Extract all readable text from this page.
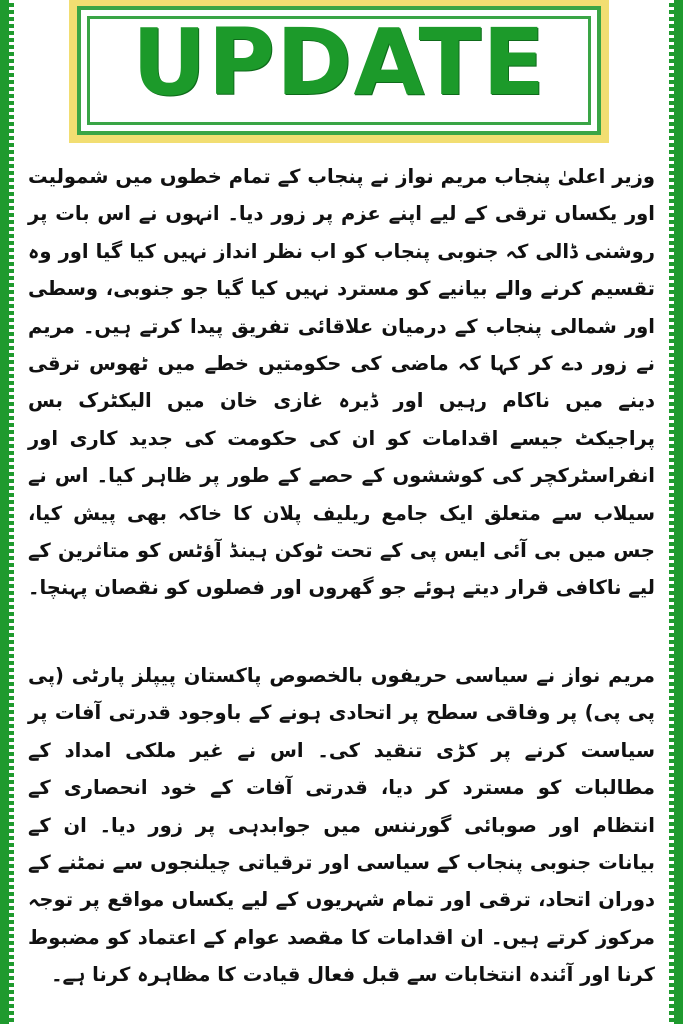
UPDATE

وزیر اعلیٰ پنجاب مریم نواز نے پنجاب کے تمام خطوں میں شمولیت اور یکساں ترقی کے لیے اپنے عزم پر زور دیا۔ انہوں نے اس بات پر روشنی ڈالی کہ جنوبی پنجاب کو اب نظر انداز نہیں کیا گیا اور وہ تقسیم کرنے والے بیانیے کو مسترد نہیں کیا گیا جو جنوبی، وسطی اور شمالی پنجاب کے درمیان علاقائی تفریق پیدا کرتے ہیں۔ مریم نے زور دے کر کہا کہ ماضی کی حکومتیں خطے میں ٹھوس ترقی دینے میں ناکام رہیں اور ڈیرہ غازی خان میں الیکٹرک بس پراجیکٹ جیسے اقدامات کو ان کی حکومت کی جدید کاری اور انفراسٹرکچر کی کوششوں کے حصے کے طور پر ظاہر کیا۔ اس نے سیلاب سے متعلق ایک جامع ریلیف پلان کا خاکہ بھی پیش کیا، جس میں بی آئی ایس پی کے تحت ٹوکن ہینڈ آؤٹس کو متاثرین کے لیے ناکافی قرار دیتے ہوئے جو گھروں اور فصلوں کو نقصان پہنچا۔

مریم نواز نے سیاسی حریفوں بالخصوص پاکستان پیپلز پارٹی (پی پی پی) پر وفاقی سطح پر اتحادی ہونے کے باوجود قدرتی آفات پر سیاست کرنے پر کڑی تنقید کی۔ اس نے غیر ملکی امداد کے مطالبات کو مسترد کر دیا، قدرتی آفات کے خود انحصاری کے انتظام اور صوبائی گورننس میں جوابدہی پر زور دیا۔ ان کے بیانات جنوبی پنجاب کے سیاسی اور ترقیاتی چیلنجوں سے نمٹنے کے دوران اتحاد، ترقی اور تمام شہریوں کے لیے یکساں مواقع پر توجہ مرکوز کرتے ہیں۔ ان اقدامات کا مقصد عوام کے اعتماد کو مضبوط کرنا اور آئندہ انتخابات سے قبل فعال قیادت کا مظاہرہ کرنا ہے۔
